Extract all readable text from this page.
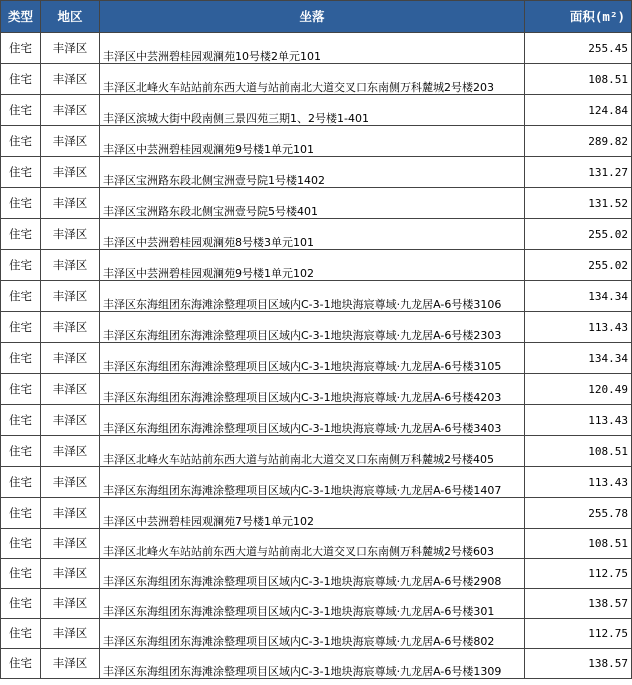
类型	地区	坐落	面积(m²)
住宅	丰泽区	丰泽区中芸洲碧桂园观澜苑10号楼2单元101	255.45
住宅	丰泽区	丰泽区北峰火车站站前东西大道与站前南北大道交叉口东南侧万科麓城2号楼203	108.51
住宅	丰泽区	丰泽区滨城大街中段南侧三景四苑三期1、2号楼1-401	124.84
住宅	丰泽区	丰泽区中芸洲碧桂园观澜苑9号楼1单元101	289.82
住宅	丰泽区	丰泽区宝洲路东段北侧宝洲壹号院1号楼1402	131.27
住宅	丰泽区	丰泽区宝洲路东段北侧宝洲壹号院5号楼401	131.52
住宅	丰泽区	丰泽区中芸洲碧桂园观澜苑8号楼3单元101	255.02
住宅	丰泽区	丰泽区中芸洲碧桂园观澜苑9号楼1单元102	255.02
住宅	丰泽区	丰泽区东海组团东海滩涂整理项目区域内C-3-1地块海宸尊域·九龙居A-6号楼3106	134.34
住宅	丰泽区	丰泽区东海组团东海滩涂整理项目区域内C-3-1地块海宸尊域·九龙居A-6号楼2303	113.43
住宅	丰泽区	丰泽区东海组团东海滩涂整理项目区域内C-3-1地块海宸尊域·九龙居A-6号楼3105	134.34
住宅	丰泽区	丰泽区东海组团东海滩涂整理项目区域内C-3-1地块海宸尊域·九龙居A-6号楼4203	120.49
住宅	丰泽区	丰泽区东海组团东海滩涂整理项目区域内C-3-1地块海宸尊域·九龙居A-6号楼3403	113.43
住宅	丰泽区	丰泽区北峰火车站站前东西大道与站前南北大道交叉口东南侧万科麓城2号楼405	108.51
住宅	丰泽区	丰泽区东海组团东海滩涂整理项目区域内C-3-1地块海宸尊域·九龙居A-6号楼1407	113.43
住宅	丰泽区	丰泽区中芸洲碧桂园观澜苑7号楼1单元102	255.78
住宅	丰泽区	丰泽区北峰火车站站前东西大道与站前南北大道交叉口东南侧万科麓城2号楼603	108.51
住宅	丰泽区	丰泽区东海组团东海滩涂整理项目区域内C-3-1地块海宸尊域·九龙居A-6号楼2908	112.75
住宅	丰泽区	丰泽区东海组团东海滩涂整理项目区域内C-3-1地块海宸尊域·九龙居A-6号楼301	138.57
住宅	丰泽区	丰泽区东海组团东海滩涂整理项目区域内C-3-1地块海宸尊域·九龙居A-6号楼802	112.75
住宅	丰泽区	丰泽区东海组团东海滩涂整理项目区域内C-3-1地块海宸尊域·九龙居A-6号楼1309	138.57
